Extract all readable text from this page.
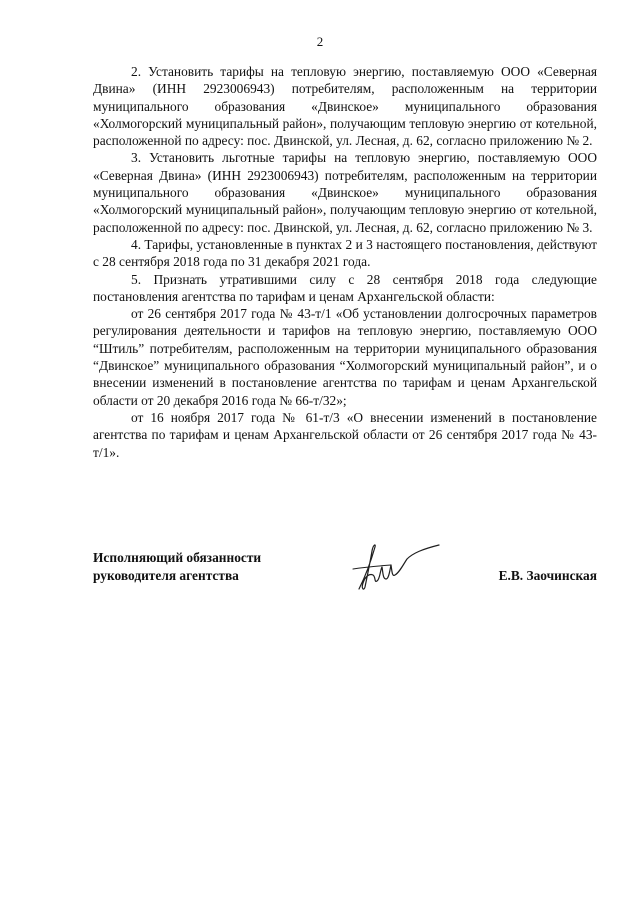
2

2. Установить тарифы на тепловую энергию, поставляемую ООО «Северная Двина» (ИНН 2923006943) потребителям, расположенным на территории муниципального образования «Двинское» муниципального образования «Холмогорский муниципальный район», получающим тепловую энергию от котельной, расположенной по адресу: пос. Двинской, ул. Лесная, д. 62, согласно приложению № 2.

3. Установить льготные тарифы на тепловую энергию, поставляемую ООО «Северная Двина» (ИНН 2923006943) потребителям, расположенным на территории муниципального образования «Двинское» муниципального образования «Холмогорский муниципальный район», получающим тепловую энергию от котельной, расположенной по адресу: пос. Двинской, ул. Лесная, д. 62, согласно приложению № 3.

4. Тарифы, установленные в пунктах 2 и 3 настоящего постановления, действуют с 28 сентября 2018 года по 31 декабря 2021 года.

5. Признать утратившими силу с 28 сентября 2018 года следующие постановления агентства по тарифам и ценам Архангельской области:

от 26 сентября 2017 года № 43-т/1 «Об установлении долгосрочных параметров регулирования деятельности и тарифов на тепловую энергию, поставляемую ООО “Штиль” потребителям, расположенным на территории муниципального образования “Двинское” муниципального образования “Холмогорский муниципальный район”, и о внесении изменений в постановление агентства по тарифам и ценам Архангельской области от 20 декабря 2016 года № 66-т/32»;

от 16 ноября 2017 года № 61-т/3 «О внесении изменений в постановление агентства по тарифам и ценам Архангельской области от 26 сентября 2017 года № 43-т/1».

Исполняющий обязанности
руководителя агентства	Е.В. Заочинская
